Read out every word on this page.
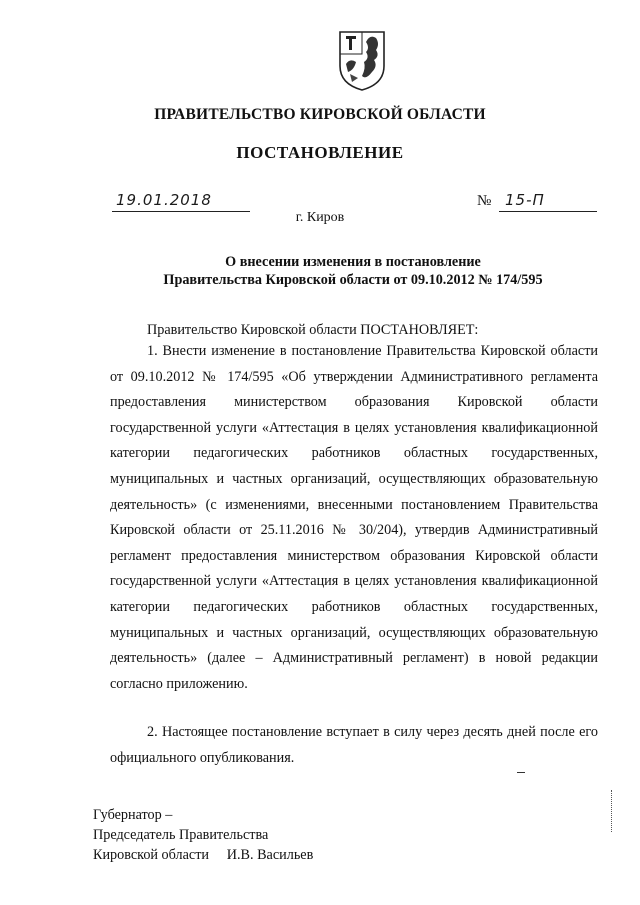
ПРАВИТЕЛЬСТВО КИРОВСКОЙ ОБЛАСТИ
ПОСТАНОВЛЕНИЕ
19.01.2018	№ 15-П
г. Киров
О внесении изменения в постановление
Правительства Кировской области от 09.10.2012 № 174/595
Правительство Кировской области ПОСТАНОВЛЯЕТ:
1. Внести изменение в постановление Правительства Кировской области от 09.10.2012 № 174/595 «Об утверждении Административного регламента предоставления министерством образования Кировской области государственной услуги «Аттестация в целях установления квалификационной категории педагогических работников областных государственных, муниципальных и частных организаций, осуществляющих образовательную деятельность» (с изменениями, внесенными постановлением Правительства Кировской области от 25.11.2016 № 30/204), утвердив Административный регламент предоставления министерством образования Кировской области государственной услуги «Аттестация в целях установления квалификационной категории педагогических работников областных государственных, муниципальных и частных организаций, осуществляющих образовательную деятельность» (далее – Административный регламент) в новой редакции согласно приложению.
2. Настоящее постановление вступает в силу через десять дней после его официального опубликования.
Губернатор –
Председатель Правительства
Кировской области И.В. Васильев
